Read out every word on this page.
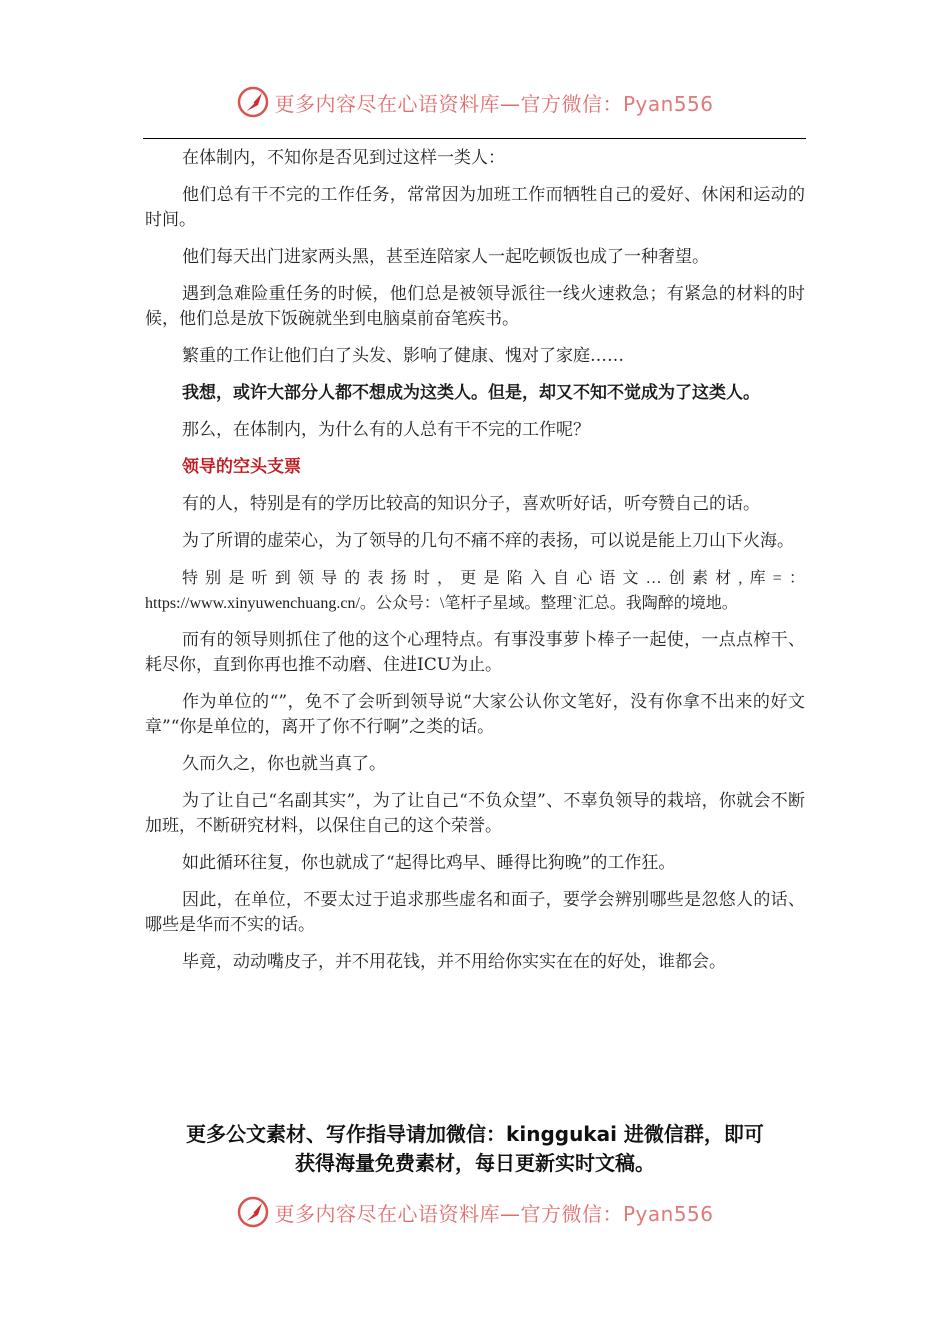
更多内容尽在心语资料库—官方微信：Pyan556

在体制内，不知你是否见到过这样一类人：

他们总有干不完的工作任务，常常因为加班工作而牺牲自己的爱好、休闲和运动的时间。

他们每天出门进家两头黑，甚至连陪家人一起吃顿饭也成了一种奢望。

遇到急难险重任务的时候，他们总是被领导派往一线火速救急；有紧急的材料的时候，他们总是放下饭碗就坐到电脑桌前奋笔疾书。

繁重的工作让他们白了头发、影响了健康、愧对了家庭……

我想，或许大部分人都不想成为这类人。但是，却又不知不觉成为了这类人。

那么，在体制内，为什么有的人总有干不完的工作呢？

领导的空头支票

有的人，特别是有的学历比较高的知识分子，喜欢听好话，听夸赞自己的话。

为了所谓的虚荣心，为了领导的几句不痛不痒的表扬，可以说是能上刀山下火海。

特别是听到领导的表扬时，更是陷入自心语文…创素材,库=：https://www.xinyuwenchuang.cn/。公众号：\笔杆子星域。整理`汇总。我陶醉的境地。

而有的领导则抓住了他的这个心理特点。有事没事萝卜棒子一起使，一点点榨干、耗尽你，直到你再也推不动磨、住进ICU为止。

作为单位的“”，免不了会听到领导说“大家公认你文笔好，没有你拿不出来的好文章”“你是单位的，离开了你不行啊”之类的话。

久而久之，你也就当真了。

为了让自己“名副其实”，为了让自己“不负众望”、不辜负领导的栽培，你就会不断加班，不断研究材料，以保住自己的这个荣誉。

如此循环往复，你也就成了“起得比鸡早、睡得比狗晚”的工作狂。

因此，在单位，不要太过于追求那些虚名和面子，要学会辨别哪些是忽悠人的话、哪些是华而不实的话。

毕竟，动动嘴皮子，并不用花钱，并不用给你实实在在的好处，谁都会。

更多公文素材、写作指导请加微信：kinggukai 进微信群，即可
获得海量免费素材，每日更新实时文稿。
更多内容尽在心语资料库—官方微信：Pyan556
